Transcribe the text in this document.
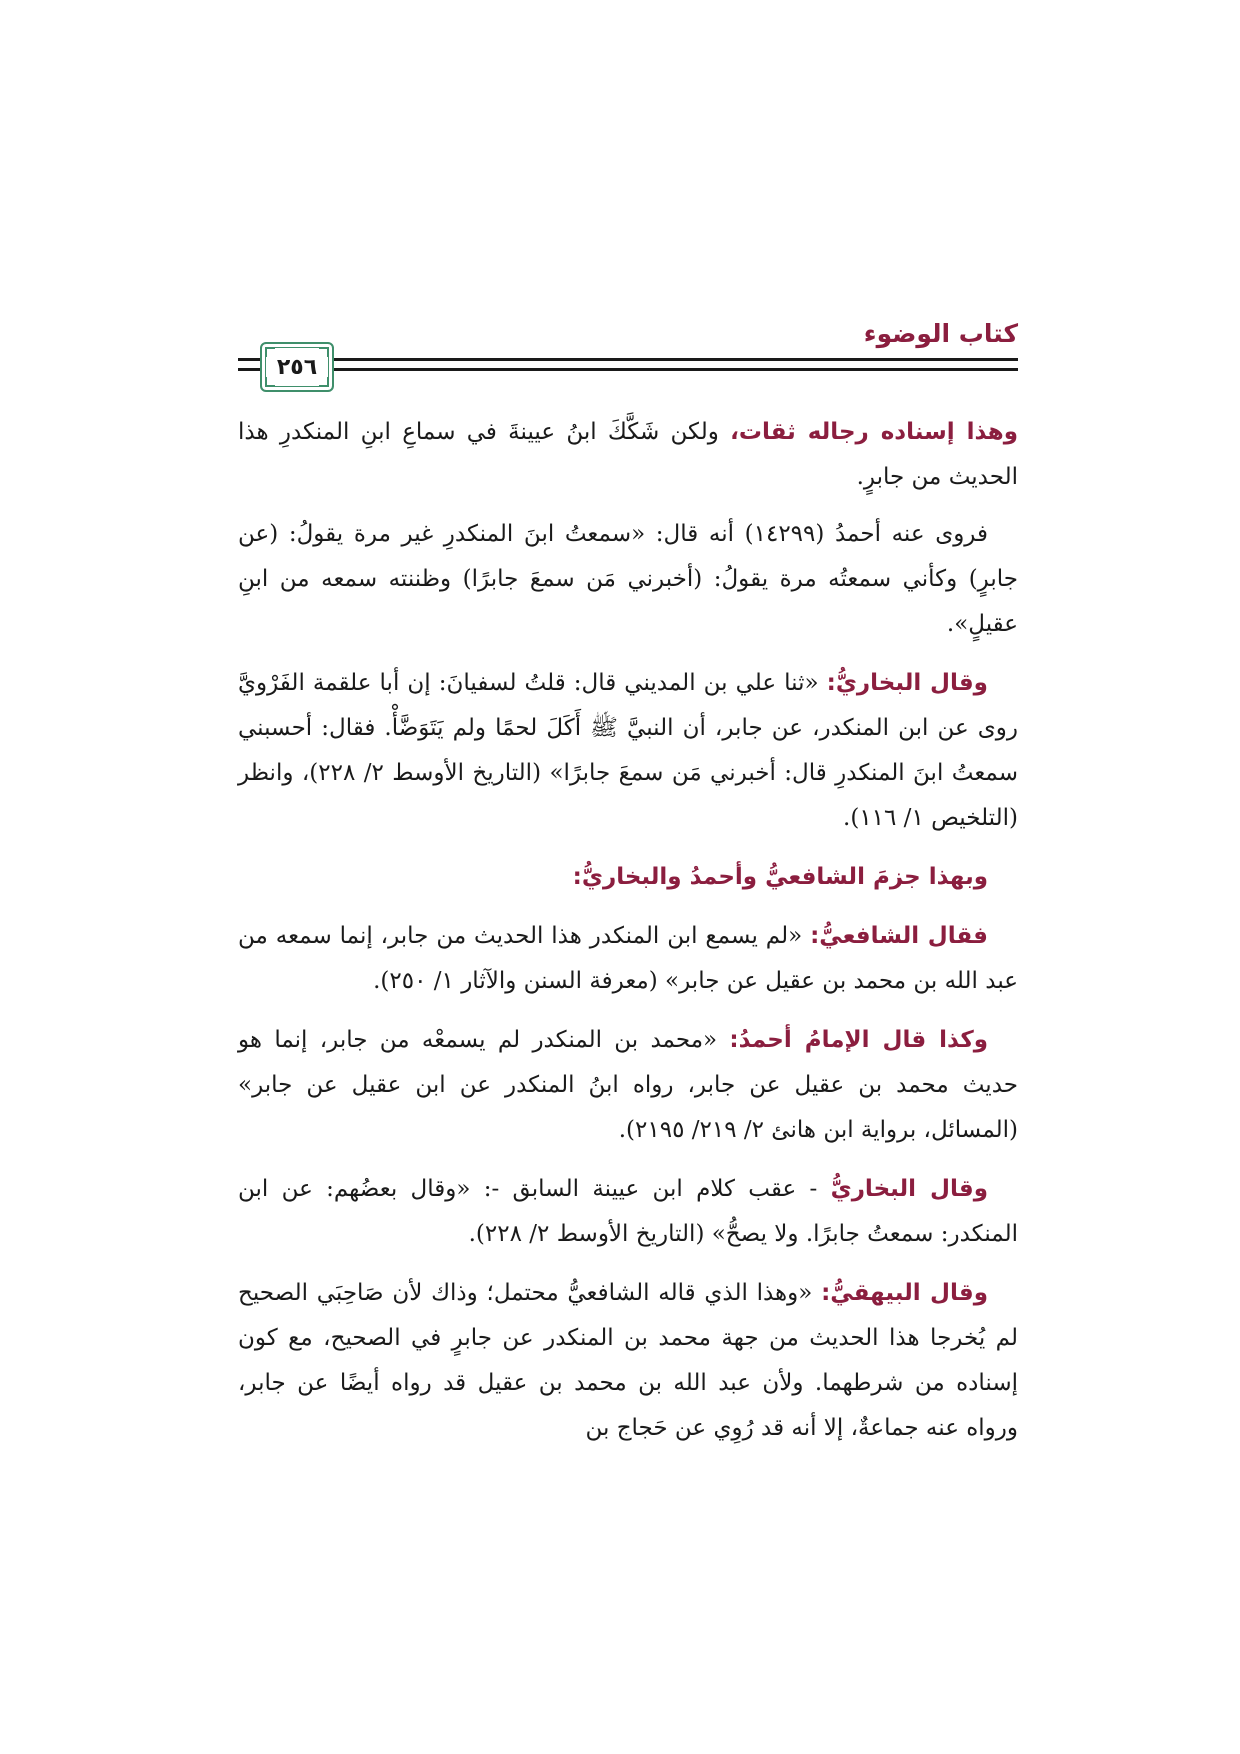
كتاب الوضوء
٢٥٦

وهذا إسناده رجاله ثقات، ولكن شَكَّكَ ابنُ عيينةَ في سماعِ ابنِ المنكدرِ هذا الحديث من جابرٍ.

فروى عنه أحمدُ (١٤٢٩٩) أنه قال: «سمعتُ ابنَ المنكدرِ غير مرة يقولُ: (عن جابرٍ) وكأني سمعتُه مرة يقولُ: (أخبرني مَن سمعَ جابرًا) وظننته سمعه من ابنِ عقيلٍ».

وقال البخاريُّ: «ثنا علي بن المديني قال: قلتُ لسفيانَ: إن أبا علقمة الفَرْويَّ روى عن ابن المنكدر، عن جابر، أن النبيَّ ﷺ أَكَلَ لحمًا ولم يَتَوَضَّأْ. فقال: أحسبني سمعتُ ابنَ المنكدرِ قال: أخبرني مَن سمعَ جابرًا» (التاريخ الأوسط ٢/ ٢٢٨)، وانظر (التلخيص ١/ ١١٦).

وبهذا جزمَ الشافعيُّ وأحمدُ والبخاريُّ:

فقال الشافعيُّ: «لم يسمع ابن المنكدر هذا الحديث من جابر، إنما سمعه من عبد الله بن محمد بن عقيل عن جابر» (معرفة السنن والآثار ١/ ٢٥٠).

وكذا قال الإمامُ أحمدُ: «محمد بن المنكدر لم يسمعْه من جابر، إنما هو حديث محمد بن عقيل عن جابر، رواه ابنُ المنكدر عن ابن عقيل عن جابر» (المسائل، برواية ابن هانئ ٢/ ٢١٩/ ٢١٩٥).

وقال البخاريُّ - عقب كلام ابن عيينة السابق -: «وقال بعضُهم: عن ابن المنكدر: سمعتُ جابرًا. ولا يصحُّ» (التاريخ الأوسط ٢/ ٢٢٨).

وقال البيهقيُّ: «وهذا الذي قاله الشافعيُّ محتمل؛ وذاك لأن صَاحِبَي الصحيح لم يُخرجا هذا الحديث من جهة محمد بن المنكدر عن جابرٍ في الصحيح، مع كون إسناده من شرطهما. ولأن عبد الله بن محمد بن عقيل قد رواه أيضًا عن جابر، ورواه عنه جماعةٌ، إلا أنه قد رُوِي عن حَجاج بن
